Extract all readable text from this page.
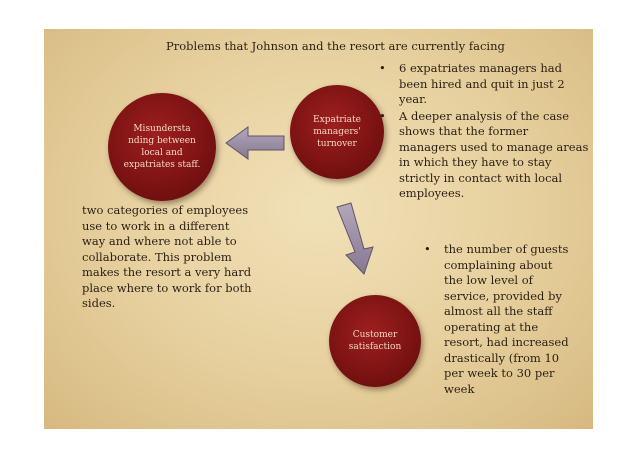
Problems that Johnson and the resort are currently facing
Misundersta nding between local and expatriates staff.
Expatriate managers' turnover
Customer satisfaction
• 6 expatriates managers had been hired and quit in just 2 year.
• A deeper analysis of the case shows that the former managers used to manage areas in which they have to stay strictly in contact with local employees.
two categories of employees use to work in a different way and where not able to collaborate. This problem makes the resort a very hard place where to work for both sides.
• the number of guests complaining about the low level of service, provided by almost all the staff operating at the resort, had increased drastically (from 10 per week to 30 per week
